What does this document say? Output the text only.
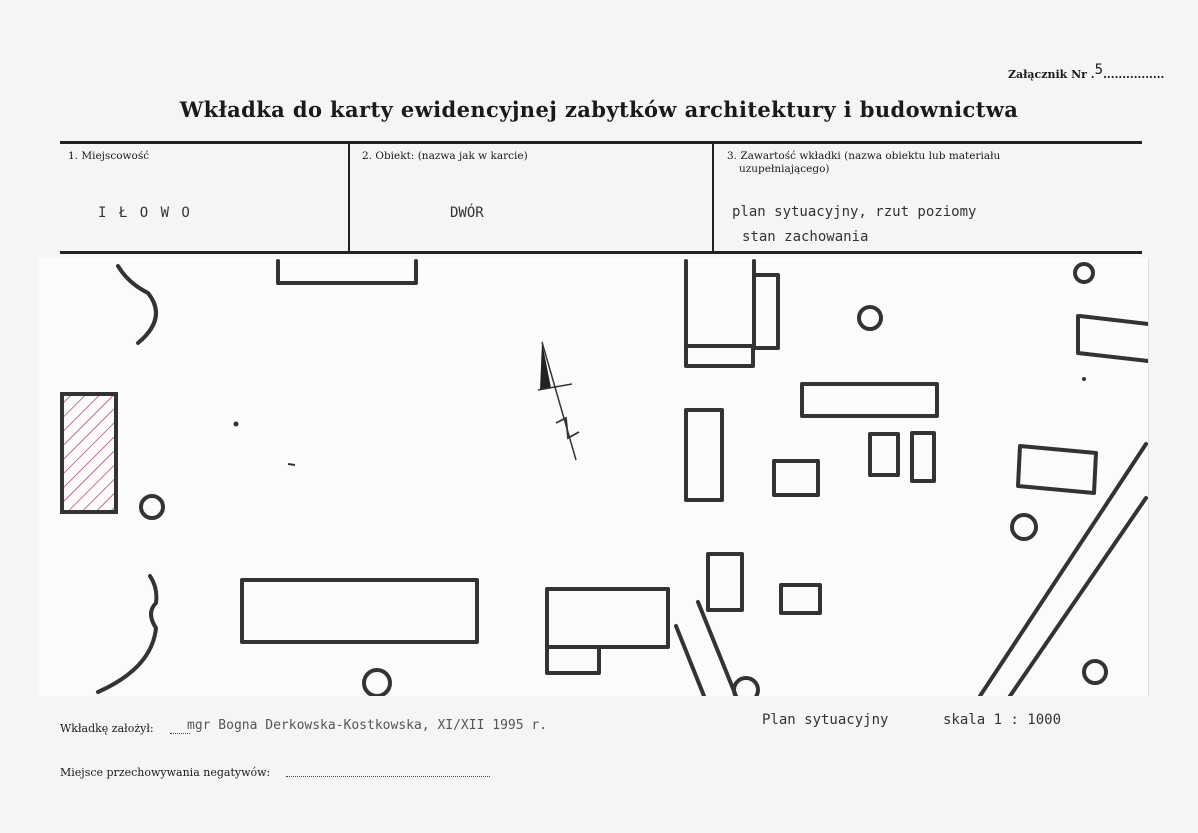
Załącznik Nr .5................
Wkładka do karty ewidencyjnej zabytków architektury i budownictwa
1. Miejscowość
I Ł O W O
2. Obiekt: (nazwa jak w karcie)
DWÓR
3. Zawartość wkładki (nazwa obiektu lub materiału
uzupełniającego)
plan sytuacyjny, rzut poziomy
stan zachowania
Wkładkę założył:	mgr Bogna Derkowska-Kostkowska, XI/XII 1995 r.	Plan sytuacyjny	skala 1 : 1000
Miejsce przechowywania negatywów:
